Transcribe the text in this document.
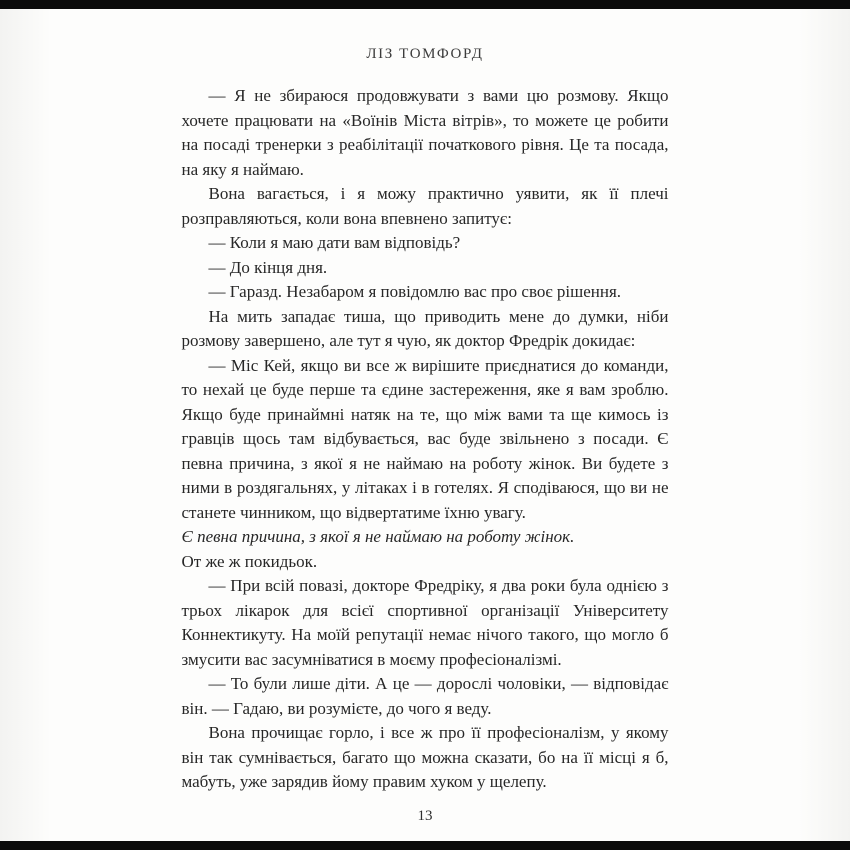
ЛІЗ ТОМФОРД

— Я не збираюся продовжувати з вами цю розмову. Якщо хочете працювати на «Воїнів Міста вітрів», то можете це робити на посаді тренерки з реабілітації початкового рівня. Це та посада, на яку я наймаю.

Вона вагається, і я можу практично уявити, як її плечі розправляються, коли вона впевнено запитує:

— Коли я маю дати вам відповідь?

— До кінця дня.

— Гаразд. Незабаром я повідомлю вас про своє рішення.

На мить западає тиша, що приводить мене до думки, ніби розмову завершено, але тут я чую, як доктор Фредрік докидає:

— Міс Кей, якщо ви все ж вирішите приєднатися до команди, то нехай це буде перше та єдине застереження, яке я вам зроблю. Якщо буде принаймні натяк на те, що між вами та ще кимось із гравців щось там відбувається, вас буде звільнено з посади. Є певна причина, з якої я не наймаю на роботу жінок. Ви будете з ними в роздягальнях, у літаках і в готелях. Я сподіваюся, що ви не станете чинником, що відвертатиме їхню увагу.

Є певна причина, з якої я не наймаю на роботу жінок.

От же ж покидьок.

— При всій повазі, докторе Фредріку, я два роки була однією з трьох лікарок для всієї спортивної організації Університету Коннектикуту. На моїй репутації немає нічого такого, що могло б змусити вас засумніватися в моєму професіоналізмі.

— То були лише діти. А це — дорослі чоловіки, — відповідає він. — Гадаю, ви розумієте, до чого я веду.

Вона прочищає горло, і все ж про її професіоналізм, у якому він так сумнівається, багато що можна сказати, бо на її місці я б, мабуть, уже зарядив йому правим хуком у щелепу.

13
